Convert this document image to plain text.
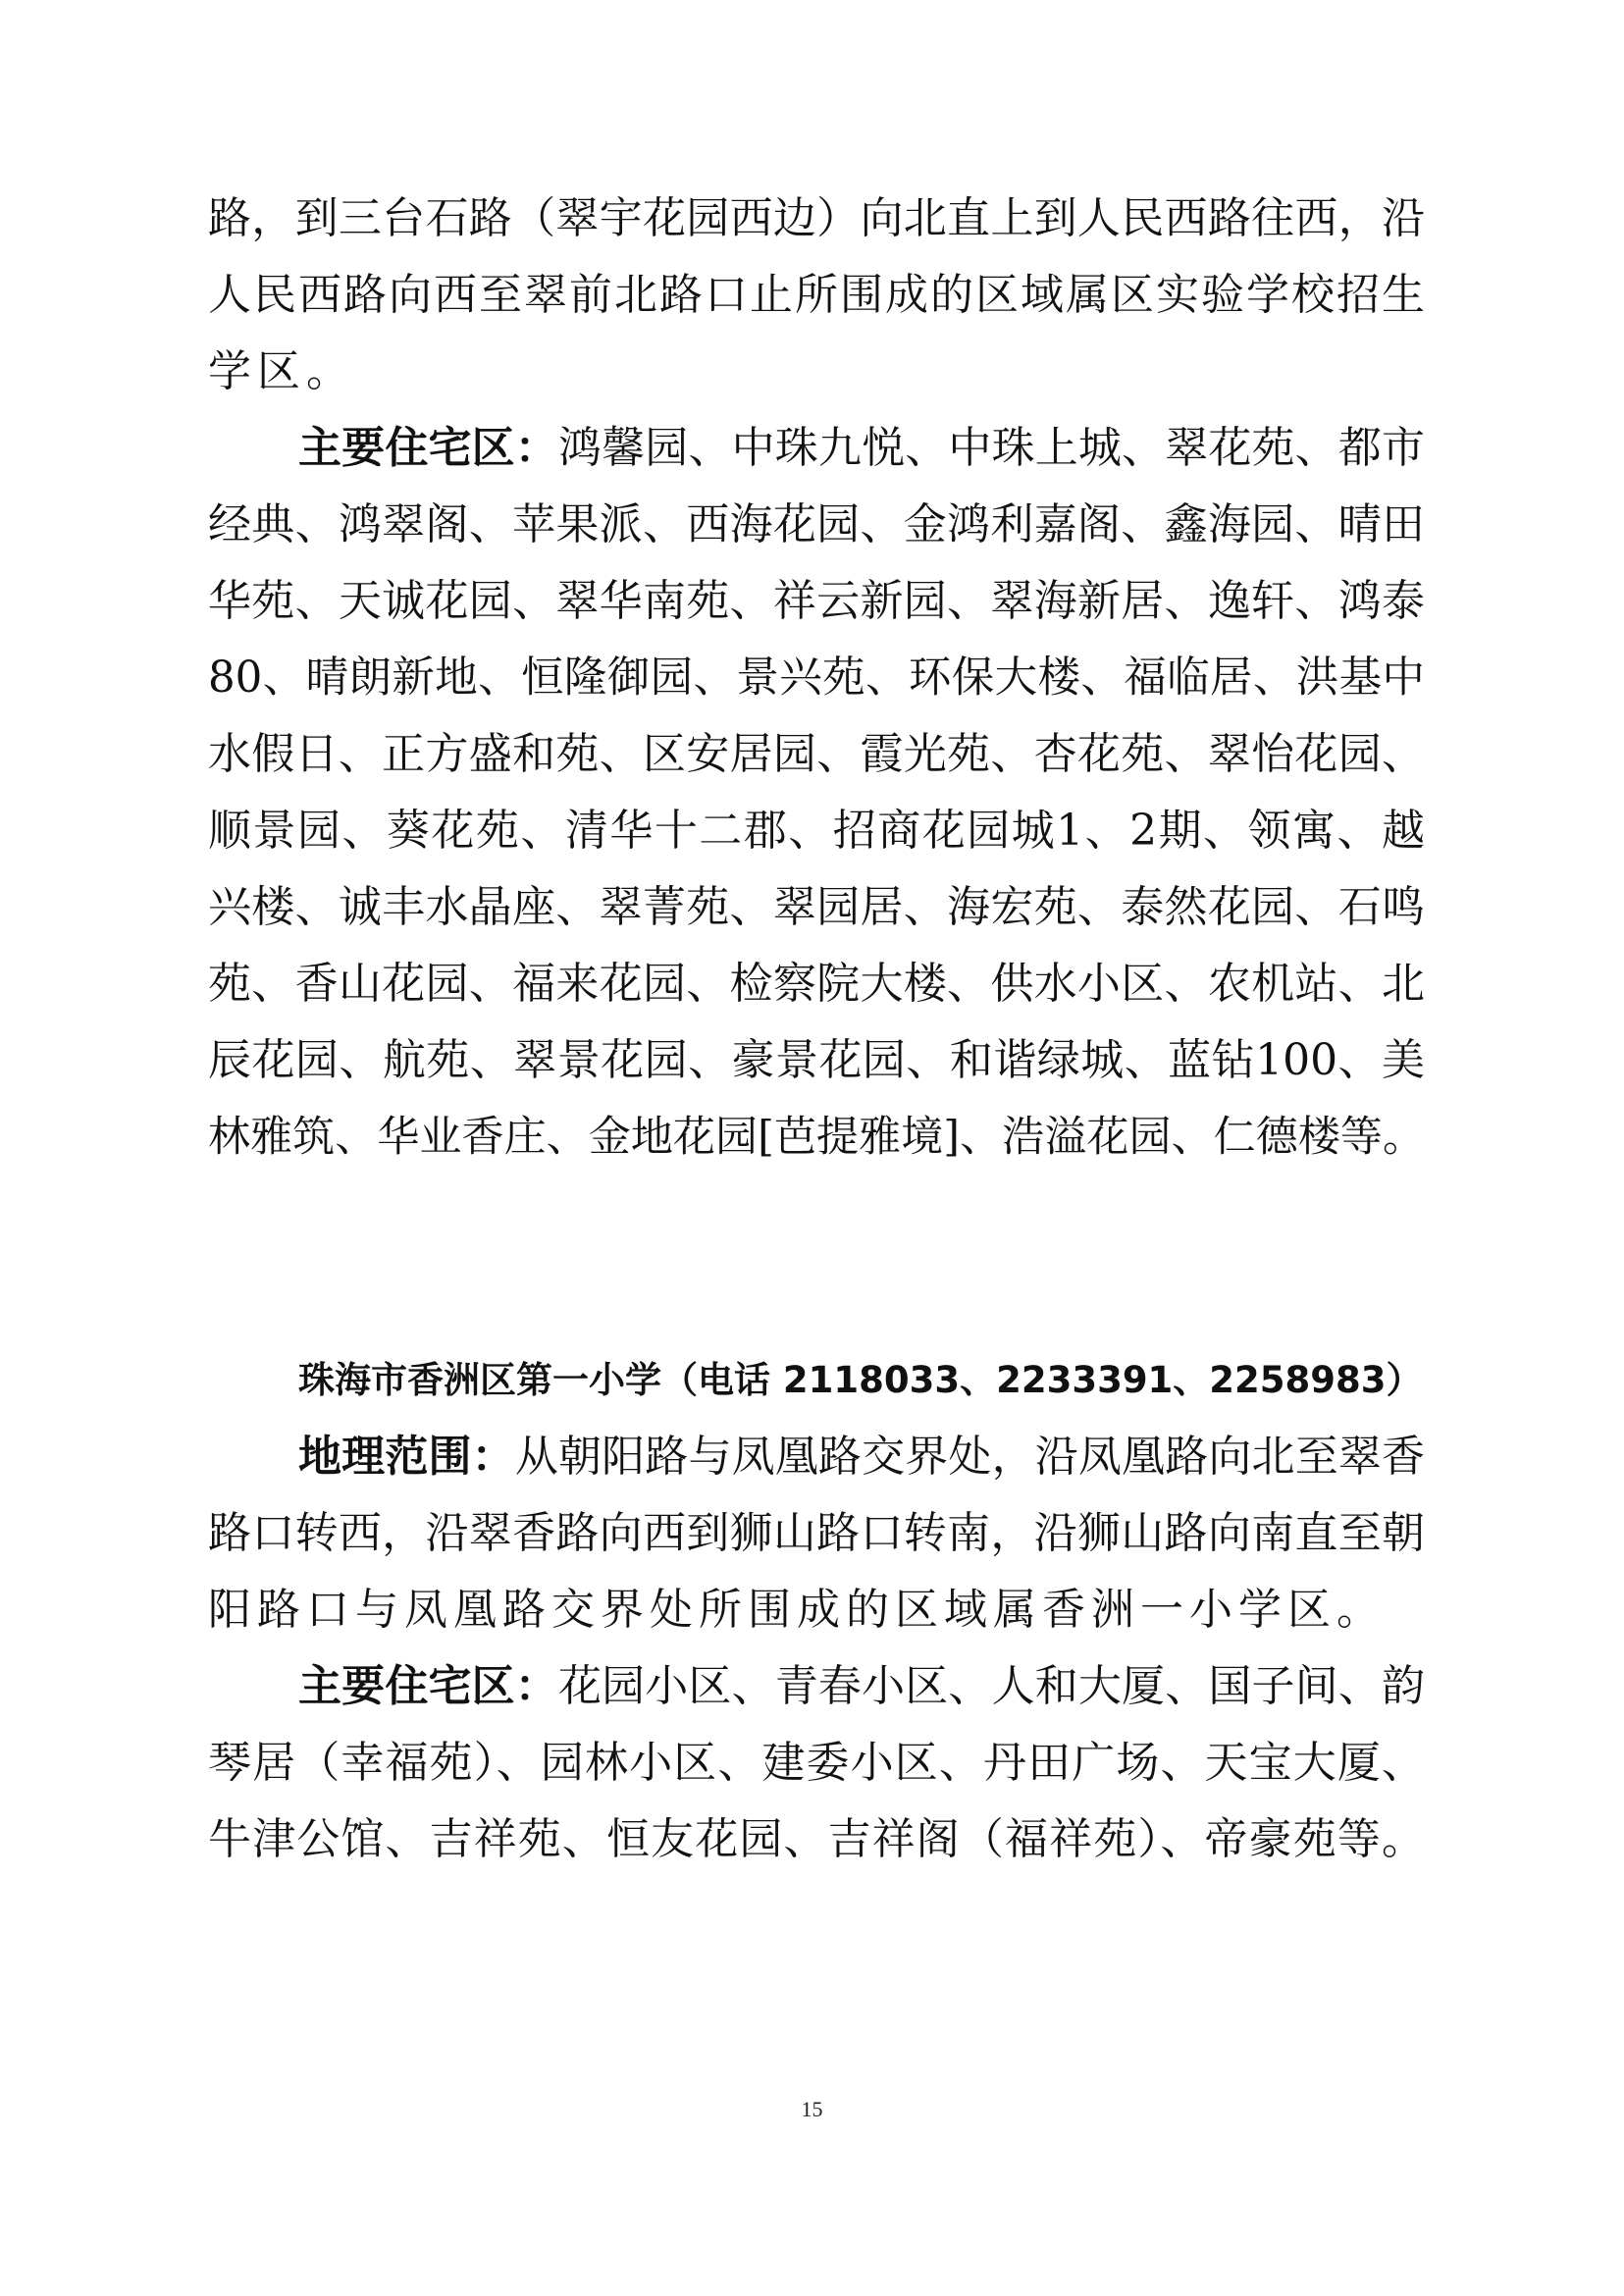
路，到三台石路（翠宇花园西边）向北直上到人民西路往西，沿
人民西路向西至翠前北路口止所围成的区域属区实验学校招生
学区。
主要住宅区：鸿馨园、中珠九悦、中珠上城、翠花苑、都市
经典、鸿翠阁、苹果派、西海花园、金鸿利嘉阁、鑫海园、晴田
华苑、天诚花园、翠华南苑、祥云新园、翠海新居、逸轩、鸿泰
80、晴朗新地、恒隆御园、景兴苑、环保大楼、福临居、洪基中
水假日、正方盛和苑、区安居园、霞光苑、杏花苑、翠怡花园、
顺景园、葵花苑、清华十二郡、招商花园城1、2期、领寓、越
兴楼、诚丰水晶座、翠菁苑、翠园居、海宏苑、泰然花园、石鸣
苑、香山花园、福来花园、检察院大楼、供水小区、农机站、北
辰花园、航苑、翠景花园、豪景花园、和谐绿城、蓝钻100、美
林雅筑、华业香庄、金地花园[芭提雅境]、浩溢花园、仁德楼等。
珠海市香洲区第一小学（电话 2118033、2233391、2258983）
地理范围：从朝阳路与凤凰路交界处，沿凤凰路向北至翠香
路口转西，沿翠香路向西到狮山路口转南，沿狮山路向南直至朝
阳路口与凤凰路交界处所围成的区域属香洲一小学区。
主要住宅区：花园小区、青春小区、人和大厦、国子间、韵
琴居（幸福苑）、园林小区、建委小区、丹田广场、天宝大厦、
牛津公馆、吉祥苑、恒友花园、吉祥阁（福祥苑）、帝豪苑等。
15
